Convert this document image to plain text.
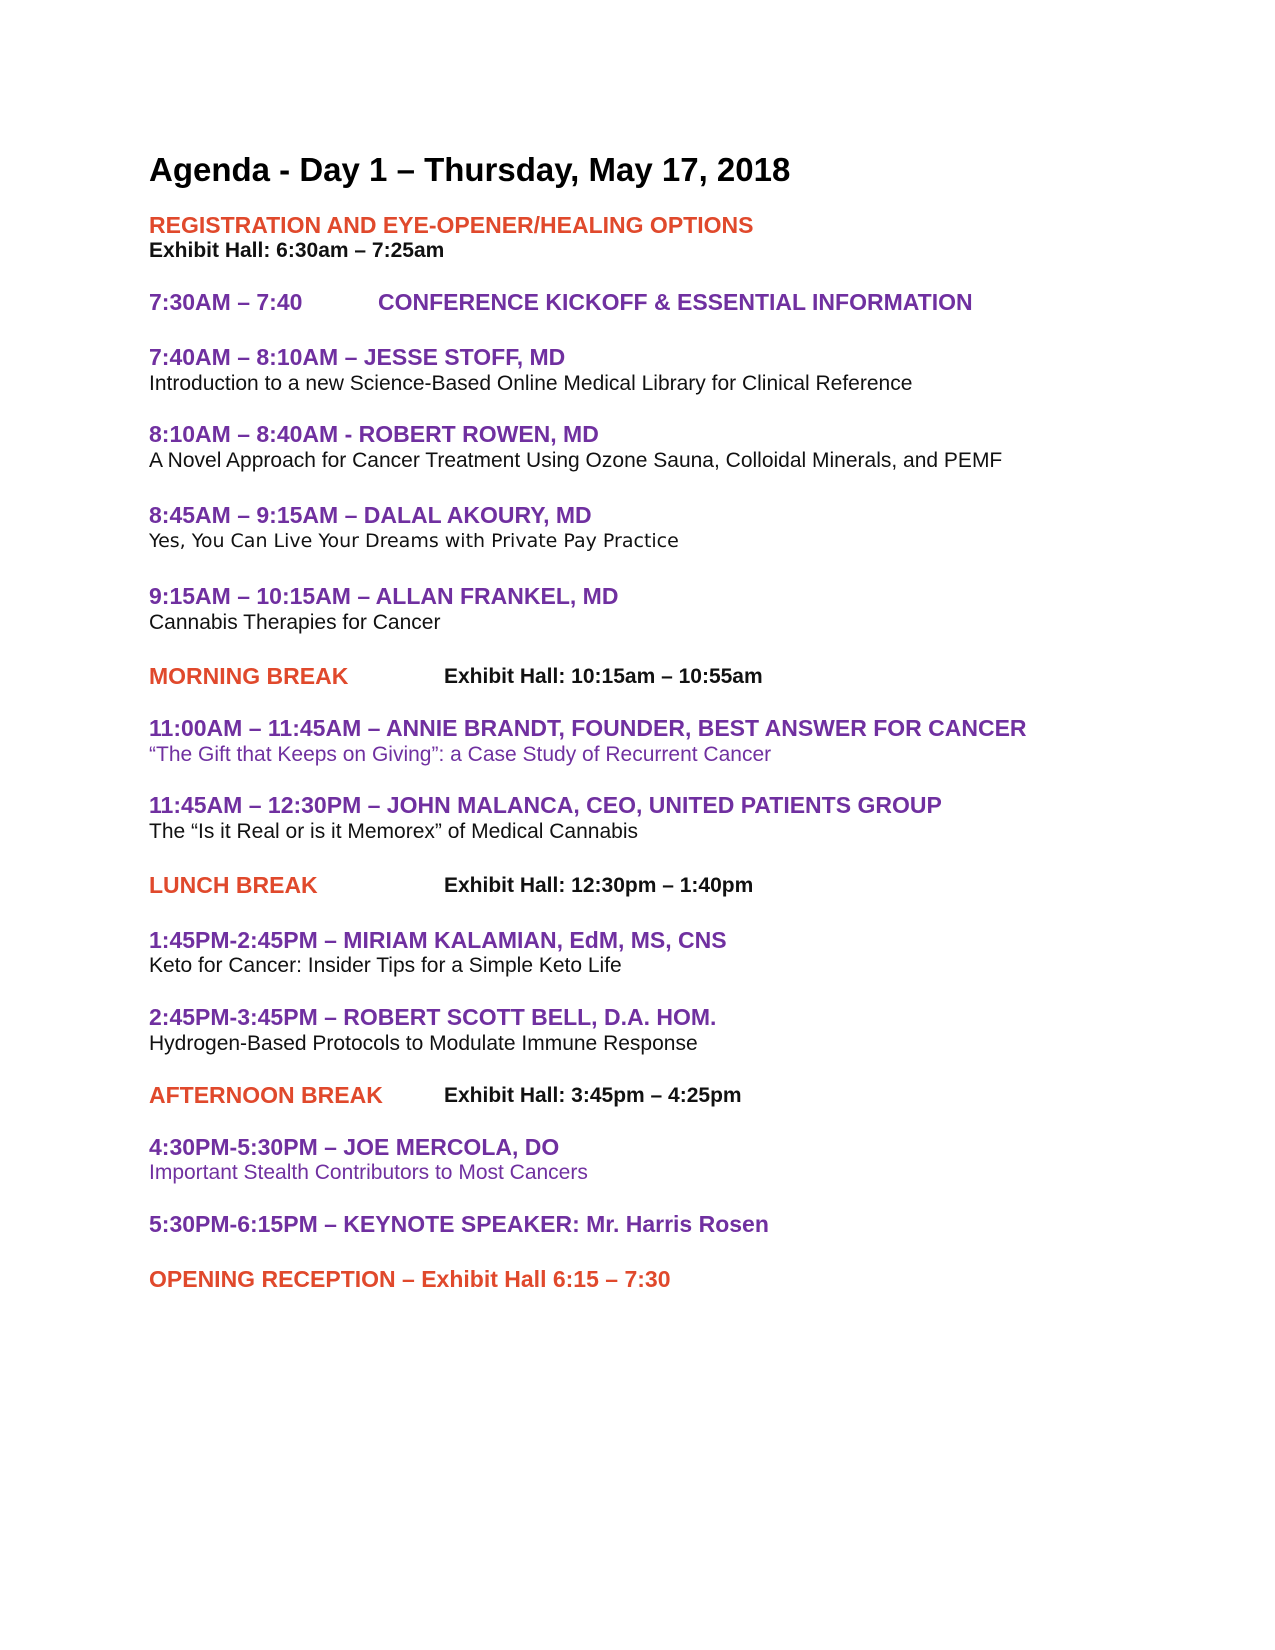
Agenda - Day 1 – Thursday, May 17, 2018
REGISTRATION AND EYE-OPENER/HEALING OPTIONS
Exhibit Hall: 6:30am – 7:25am
7:30AM – 7:40	CONFERENCE KICKOFF & ESSENTIAL INFORMATION
7:40AM – 8:10AM – JESSE STOFF, MD
Introduction to a new Science-Based Online Medical Library for Clinical Reference
8:10AM – 8:40AM - ROBERT ROWEN, MD
A Novel Approach for Cancer Treatment Using Ozone Sauna, Colloidal Minerals, and PEMF
8:45AM – 9:15AM – DALAL AKOURY, MD
Yes, You Can Live Your Dreams with Private Pay Practice
9:15AM – 10:15AM – ALLAN FRANKEL, MD
Cannabis Therapies for Cancer
MORNING BREAK	Exhibit Hall: 10:15am – 10:55am
11:00AM – 11:45AM – ANNIE BRANDT, FOUNDER, BEST ANSWER FOR CANCER
“The Gift that Keeps on Giving”: a Case Study of Recurrent Cancer
11:45AM – 12:30PM – JOHN MALANCA, CEO, UNITED PATIENTS GROUP
The “Is it Real or is it Memorex” of Medical Cannabis
LUNCH BREAK	Exhibit Hall: 12:30pm – 1:40pm
1:45PM-2:45PM – MIRIAM KALAMIAN, EdM, MS, CNS
Keto for Cancer: Insider Tips for a Simple Keto Life
2:45PM-3:45PM – ROBERT SCOTT BELL, D.A. HOM.
Hydrogen-Based Protocols to Modulate Immune Response
AFTERNOON BREAK	Exhibit Hall: 3:45pm – 4:25pm
4:30PM-5:30PM – JOE MERCOLA, DO
Important Stealth Contributors to Most Cancers
5:30PM-6:15PM – KEYNOTE SPEAKER: Mr. Harris Rosen
OPENING RECEPTION – Exhibit Hall 6:15 – 7:30
